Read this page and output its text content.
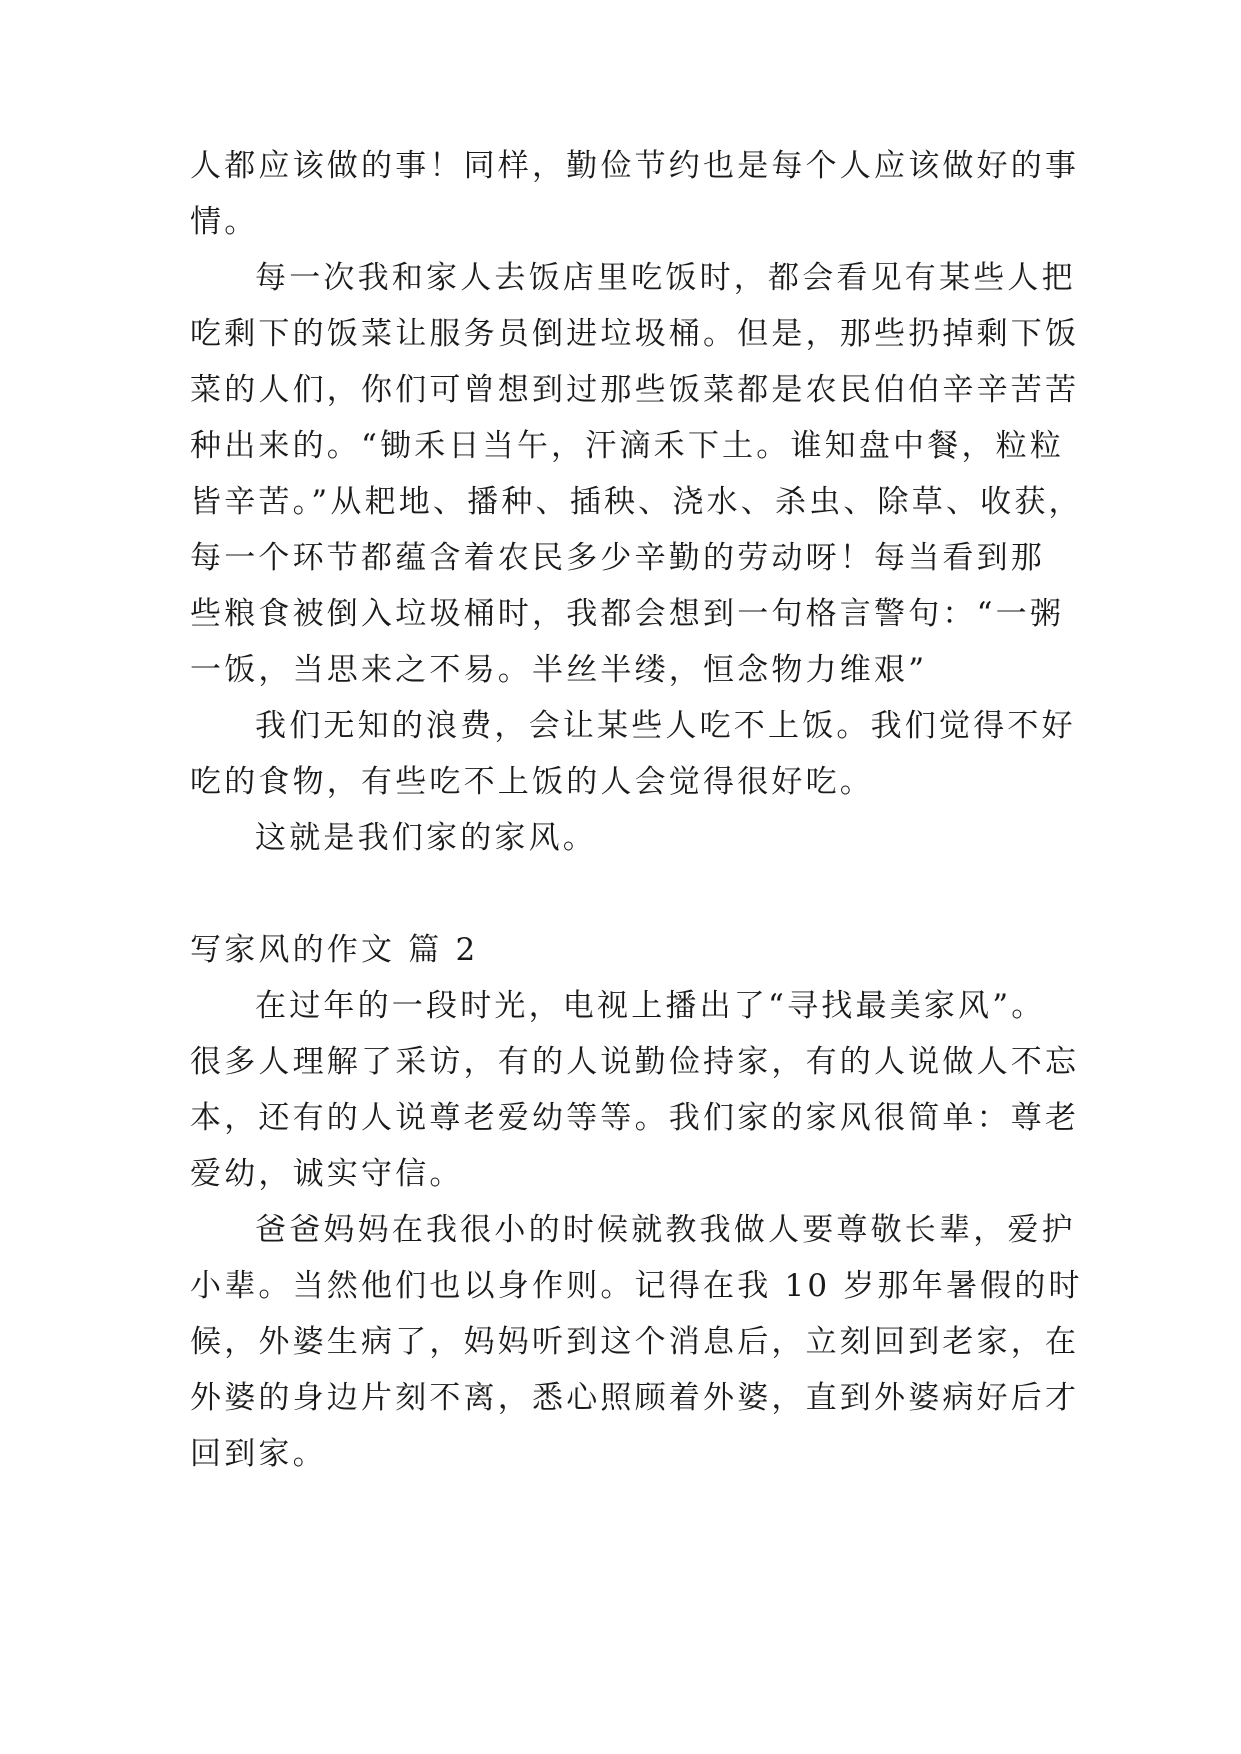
人都应该做的事！同样，勤俭节约也是每个人应该做好的事
情。
每一次我和家人去饭店里吃饭时，都会看见有某些人把
吃剩下的饭菜让服务员倒进垃圾桶。但是，那些扔掉剩下饭
菜的人们，你们可曾想到过那些饭菜都是农民伯伯辛辛苦苦
种出来的。“锄禾日当午，汗滴禾下土。谁知盘中餐，粒粒
皆辛苦。”从耙地、播种、插秧、浇水、杀虫、除草、收获，
每一个环节都蕴含着农民多少辛勤的劳动呀！每当看到那
些粮食被倒入垃圾桶时，我都会想到一句格言警句：“一粥
一饭，当思来之不易。半丝半缕，恒念物力维艰”
我们无知的浪费，会让某些人吃不上饭。我们觉得不好
吃的食物，有些吃不上饭的人会觉得很好吃。
这就是我们家的家风。
写家风的作文 篇 2
在过年的一段时光，电视上播出了“寻找最美家风”。
很多人理解了采访，有的人说勤俭持家，有的人说做人不忘
本，还有的人说尊老爱幼等等。我们家的家风很简单：尊老
爱幼，诚实守信。
爸爸妈妈在我很小的时候就教我做人要尊敬长辈，爱护
小辈。当然他们也以身作则。记得在我 10 岁那年暑假的时
候，外婆生病了，妈妈听到这个消息后，立刻回到老家，在
外婆的身边片刻不离，悉心照顾着外婆，直到外婆病好后才
回到家。
